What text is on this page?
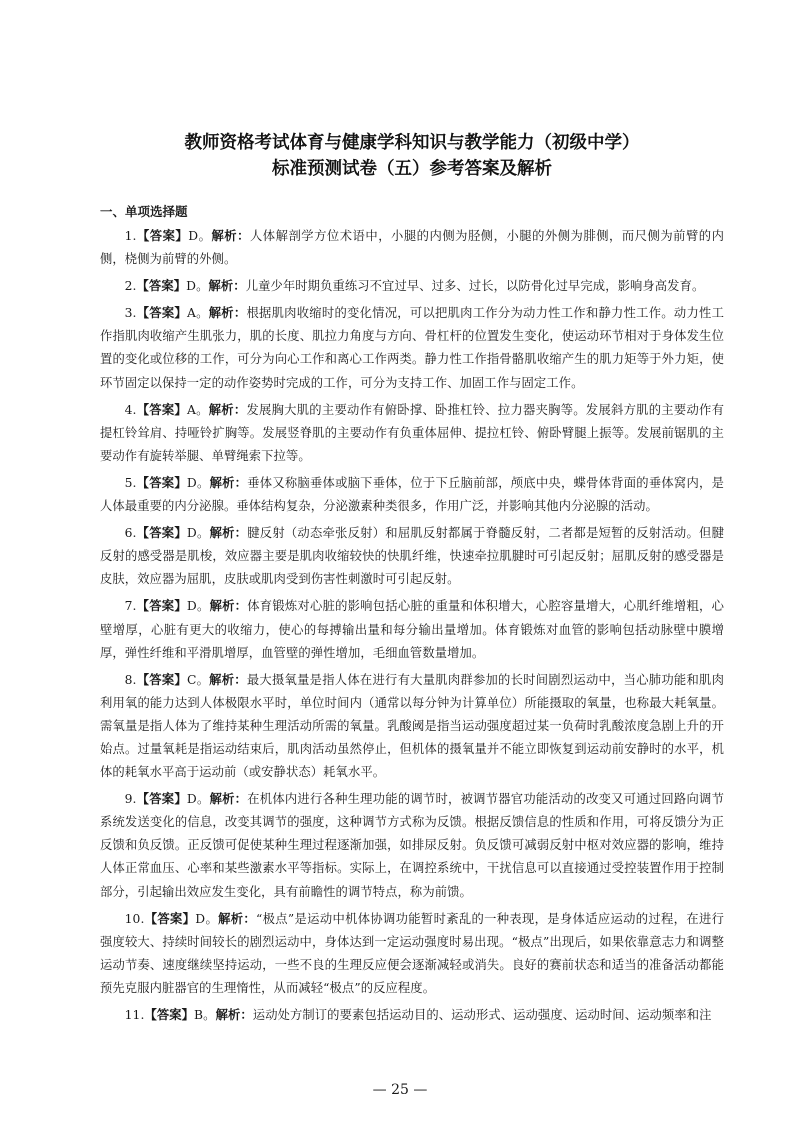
教师资格考试体育与健康学科知识与教学能力（初级中学）
标准预测试卷（五）参考答案及解析
一、单项选择题

1.【答案】D。解析：人体解剖学方位术语中，小腿的内侧为胫侧，小腿的外侧为腓侧，而尺侧为前臂的内侧，桡侧为前臂的外侧。

2.【答案】D。解析：儿童少年时期负重练习不宜过早、过多、过长，以防骨化过早完成，影响身高发育。

3.【答案】A。解析：根据肌肉收缩时的变化情况，可以把肌肉工作分为动力性工作和静力性工作。动力性工作指肌肉收缩产生肌张力，肌的长度、肌拉力角度与方向、骨杠杆的位置发生变化，使运动环节相对于身体发生位置的变化或位移的工作，可分为向心工作和离心工作两类。静力性工作指骨骼肌收缩产生的肌力矩等于外力矩，使环节固定以保持一定的动作姿势时完成的工作，可分为支持工作、加固工作与固定工作。

4.【答案】A。解析：发展胸大肌的主要动作有俯卧撑、卧推杠铃、拉力器夹胸等。发展斜方肌的主要动作有提杠铃耸肩、持哑铃扩胸等。发展竖脊肌的主要动作有负重体屈伸、提拉杠铃、俯卧臂腿上振等。发展前锯肌的主要动作有旋转举腿、单臂绳索下拉等。

5.【答案】D。解析：垂体又称脑垂体或脑下垂体，位于下丘脑前部，颅底中央，蝶骨体背面的垂体窝内，是人体最重要的内分泌腺。垂体结构复杂，分泌激素种类很多，作用广泛，并影响其他内分泌腺的活动。

6.【答案】D。解析：腱反射（动态牵张反射）和屈肌反射都属于脊髓反射，二者都是短暂的反射活动。但腱反射的感受器是肌梭，效应器主要是肌肉收缩较快的快肌纤维，快速牵拉肌腱时可引起反射；屈肌反射的感受器是皮肤，效应器为屈肌，皮肤或肌肉受到伤害性刺激时可引起反射。

7.【答案】D。解析：体育锻炼对心脏的影响包括心脏的重量和体积增大，心腔容量增大，心肌纤维增粗，心壁增厚，心脏有更大的收缩力，使心的每搏输出量和每分输出量增加。体育锻炼对血管的影响包括动脉壁中膜增厚，弹性纤维和平滑肌增厚，血管壁的弹性增加，毛细血管数量增加。

8.【答案】C。解析：最大摄氧量是指人体在进行有大量肌肉群参加的长时间剧烈运动中，当心肺功能和肌肉利用氧的能力达到人体极限水平时，单位时间内（通常以每分钟为计算单位）所能摄取的氧量，也称最大耗氧量。需氧量是指人体为了维持某种生理活动所需的氧量。乳酸阈是指当运动强度超过某一负荷时乳酸浓度急剧上升的开始点。过量氧耗是指运动结束后，肌肉活动虽然停止，但机体的摄氧量并不能立即恢复到运动前安静时的水平，机体的耗氧水平高于运动前（或安静状态）耗氧水平。

9.【答案】D。解析：在机体内进行各种生理功能的调节时，被调节器官功能活动的改变又可通过回路向调节系统发送变化的信息，改变其调节的强度，这种调节方式称为反馈。根据反馈信息的性质和作用，可将反馈分为正反馈和负反馈。正反馈可促使某种生理过程逐渐加强，如排尿反射。负反馈可减弱反射中枢对效应器的影响，维持人体正常血压、心率和某些激素水平等指标。实际上，在调控系统中，干扰信息可以直接通过受控装置作用于控制部分，引起输出效应发生变化，具有前瞻性的调节特点，称为前馈。

10.【答案】D。解析：“极点”是运动中机体协调功能暂时紊乱的一种表现，是身体适应运动的过程，在进行强度较大、持续时间较长的剧烈运动中，身体达到一定运动强度时易出现。“极点”出现后，如果依靠意志力和调整运动节奏、速度继续坚持运动，一些不良的生理反应便会逐渐减轻或消失。良好的赛前状态和适当的准备活动都能预先克服内脏器官的生理惰性，从而减轻“极点”的反应程度。

11.【答案】B。解析：运动处方制订的要素包括运动目的、运动形式、运动强度、运动时间、运动频率和注

— 25 —
